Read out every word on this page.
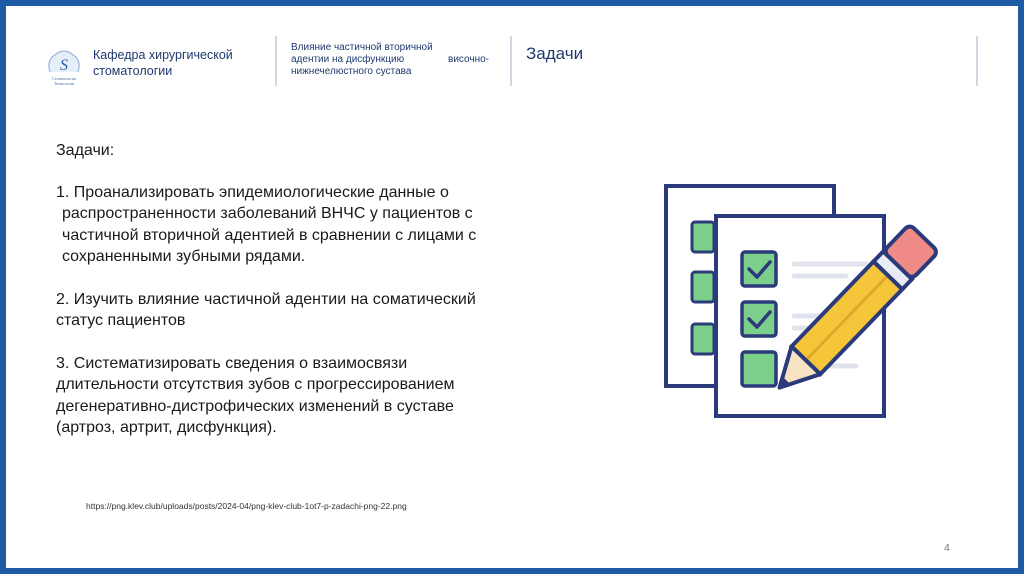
S
Стоматология Технологии
Кафедра хирургической стоматологии
Влияние частичной вторичной
адентии на дисфункцию	височно-
нижнечелюстного сустава
Задачи

Задачи:

1. Проанализировать эпидемиологические данные о

распространенности заболеваний ВНЧС у пациентов с

частичной вторичной адентией в сравнении с лицами с

сохраненными зубными рядами.

2. Изучить влияние частичной адентии на соматический

статус пациентов

3. Систематизировать сведения о взаимосвязи

длительности отсутствия зубов с прогрессированием

дегенеративно-дистрофических изменений в суставе

(артроз, артрит, дисфункция).

https://png.klev.club/uploads/posts/2024-04/png-klev-club-1ot7-p-zadachi-png-22.png
4
